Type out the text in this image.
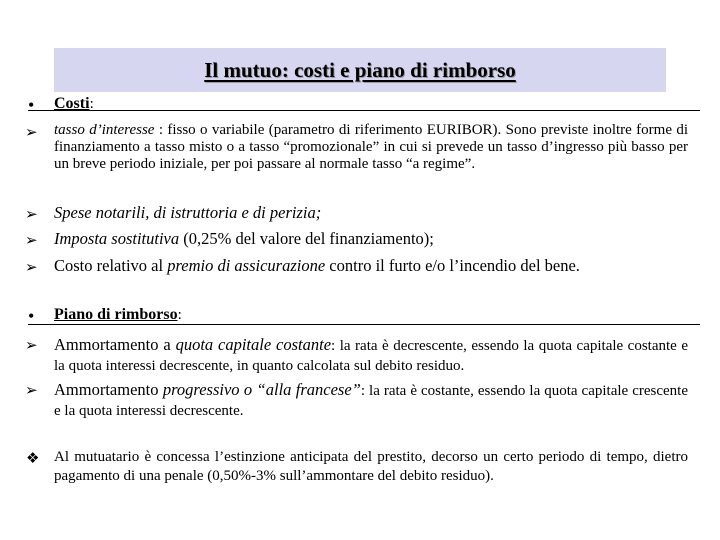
Il mutuo: costi e piano di rimborso
• Costi:
➢ tasso d’interesse : fisso o variabile (parametro di riferimento EURIBOR). Sono previste inoltre forme di finanziamento a tasso misto o a tasso “promozionale” in cui si prevede un tasso d’ingresso più basso per un breve periodo iniziale, per poi passare al normale tasso “a regime”.
➢ Spese notarili, di istruttoria e di perizia;
➢ Imposta sostitutiva (0,25% del valore del finanziamento);
➢ Costo relativo al premio di assicurazione contro il furto e/o l’incendio del bene.
• Piano di rimborso:
➢ Ammortamento a quota capitale costante: la rata è decrescente, essendo la quota capitale costante e la quota interessi decrescente, in quanto calcolata sul debito residuo.
➢ Ammortamento progressivo o “alla francese”: la rata è costante, essendo la quota capitale crescente e la quota interessi decrescente.
❖ Al mutuatario è concessa l’estinzione anticipata del prestito, decorso un certo periodo di tempo, dietro pagamento di una penale (0,50%-3% sull’ammontare del debito residuo).
